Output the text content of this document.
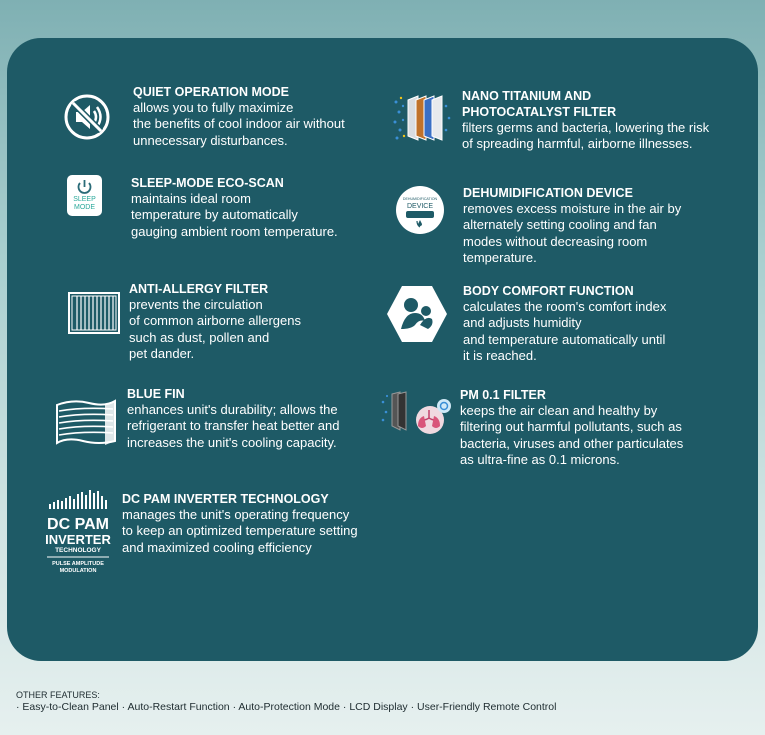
QUIET OPERATION MODE
allows you to fully maximize
the benefits of cool indoor air without
unnecessary disturbances.
SLEEP
MODE
SLEEP-MODE ECO-SCAN
maintains ideal room
temperature by automatically
gauging ambient room temperature.
ANTI-ALLERGY FILTER
prevents the circulation
of common airborne allergens
such as dust, pollen and
pet dander.
BLUE FIN
enhances unit's durability; allows the
refrigerant to transfer heat better and
increases the unit's cooling capacity.
DC PAM
INVERTER
TECHNOLOGY
PULSE AMPLITUDE
MODULATION
DC PAM INVERTER TECHNOLOGY
manages the unit's operating frequency
to keep an optimized temperature setting
and maximized cooling efficiency
NANO TITANIUM AND
PHOTOCATALYST FILTER
filters germs and bacteria, lowering the risk
of spreading harmful, airborne illnesses.
DEHUMIDIFICATION
DEVICE
DEHUMIDIFICATION DEVICE
removes excess moisture in the air by
alternately setting cooling and fan
modes without decreasing room
temperature.
BODY COMFORT FUNCTION
calculates the room's comfort index
and adjusts humidity
and temperature automatically until
it is reached.
PM 0.1 FILTER
keeps the air clean and healthy by
filtering out harmful pollutants, such as
bacteria, viruses and other particulates
as ultra-fine as 0.1 microns.
OTHER FEATURES:
· Easy-to-Clean Panel · Auto-Restart Function · Auto-Protection Mode · LCD Display · User-Friendly Remote Control
